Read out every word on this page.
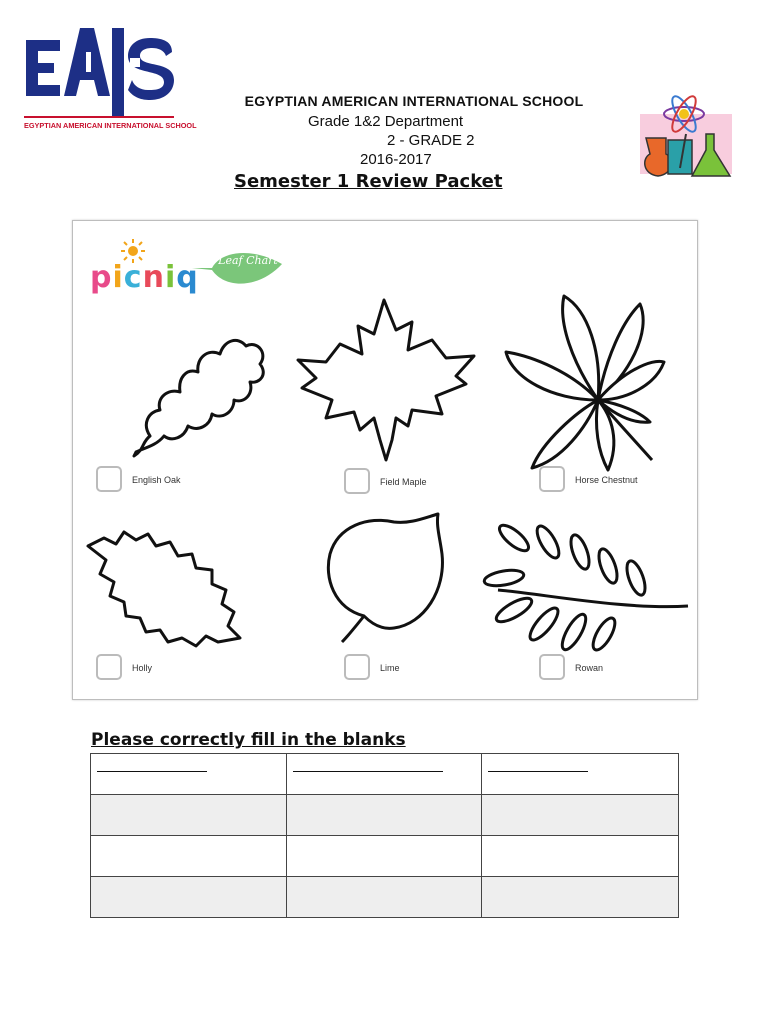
EGYPTIAN AMERICAN INTERNATIONAL SCHOOL
EGYPTIAN AMERICAN INTERNATIONAL SCHOOL
Grade 1&2 Department
2 - GRADE 2
2016-2017
Semester 1 Review Packet
picniq Leaf Chart
English Oak	Field Maple	Horse Chestnut
Holly	Lime	Rowan
Please correctly fill in the blanks
